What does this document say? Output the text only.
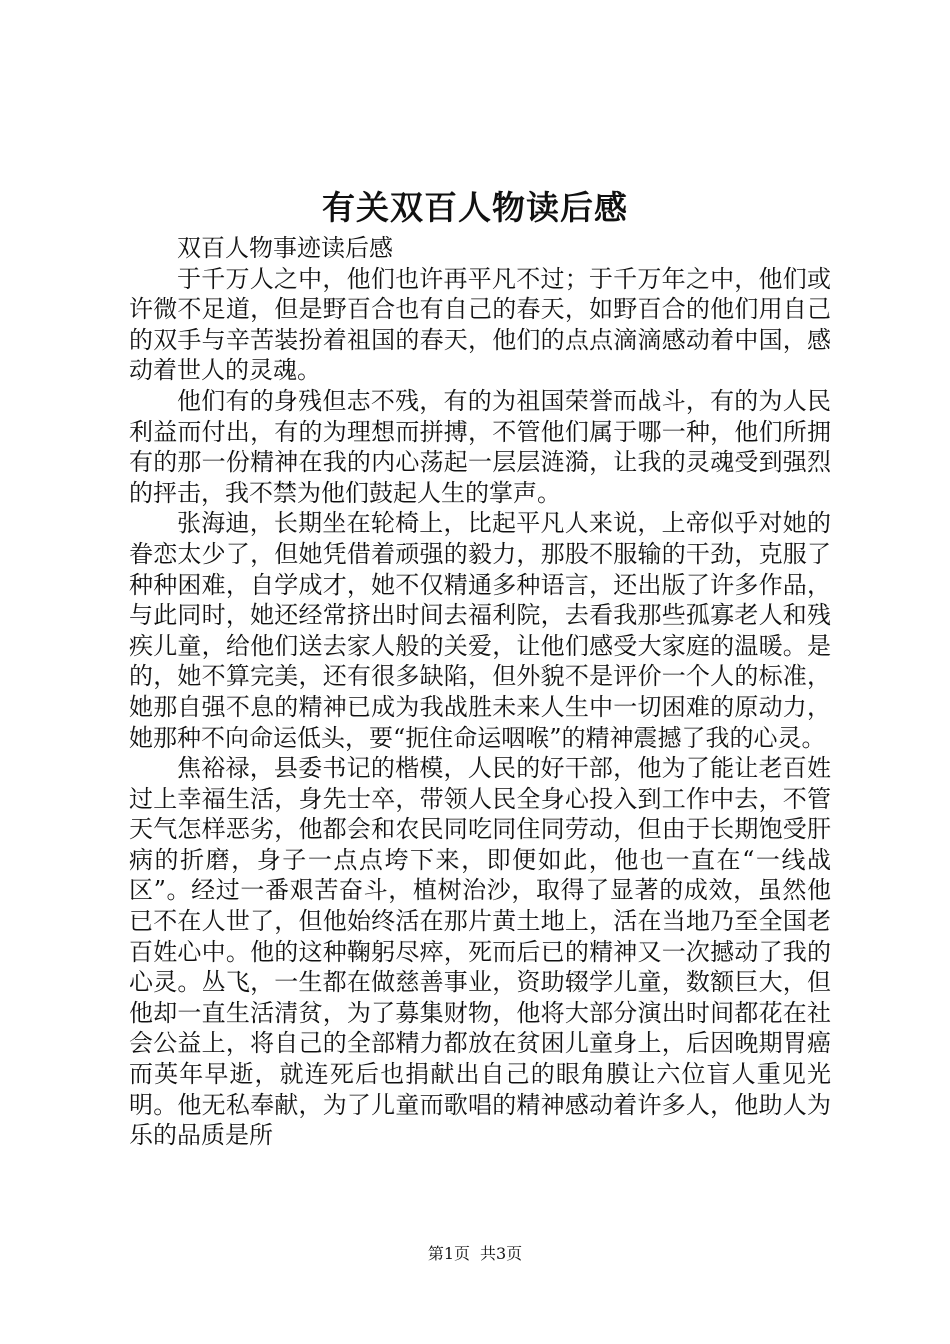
有关双百人物读后感

双百人物事迹读后感

于千万人之中，他们也许再平凡不过；于千万年之中，他们或许微不足道，但是野百合也有自己的春天，如野百合的他们用自己的双手与辛苦装扮着祖国的春天，他们的点点滴滴感动着中国，感动着世人的灵魂。

他们有的身残但志不残，有的为祖国荣誉而战斗，有的为人民利益而付出，有的为理想而拼搏，不管他们属于哪一种，他们所拥有的那一份精神在我的内心荡起一层层涟漪，让我的灵魂受到强烈的抨击，我不禁为他们鼓起人生的掌声。

张海迪，长期坐在轮椅上，比起平凡人来说，上帝似乎对她的眷恋太少了，但她凭借着顽强的毅力，那股不服输的干劲，克服了种种困难，自学成才，她不仅精通多种语言，还出版了许多作品，与此同时，她还经常挤出时间去福利院，去看我那些孤寡老人和残疾儿童，给他们送去家人般的关爱，让他们感受大家庭的温暖。是的，她不算完美，还有很多缺陷，但外貌不是评价一个人的标准，她那自强不息的精神已成为我战胜未来人生中一切困难的原动力，她那种不向命运低头，要“扼住命运咽喉”的精神震撼了我的心灵。

焦裕禄，县委书记的楷模，人民的好干部，他为了能让老百姓过上幸福生活，身先士卒，带领人民全身心投入到工作中去，不管天气怎样恶劣，他都会和农民同吃同住同劳动，但由于长期饱受肝病的折磨，身子一点点垮下来，即便如此，他也一直在“一线战区”。经过一番艰苦奋斗，植树治沙，取得了显著的成效，虽然他已不在人世了，但他始终活在那片黄土地上，活在当地乃至全国老百姓心中。他的这种鞠躬尽瘁，死而后已的精神又一次撼动了我的心灵。丛飞，一生都在做慈善事业，资助辍学儿童，数额巨大，但他却一直生活清贫，为了募集财物，他将大部分演出时间都花在社会公益上，将自己的全部精力都放在贫困儿童身上，后因晚期胃癌而英年早逝，就连死后也捐献出自己的眼角膜让六位盲人重见光明。他无私奉献，为了儿童而歌唱的精神感动着许多人，他助人为乐的品质是所

第1页 共3页
